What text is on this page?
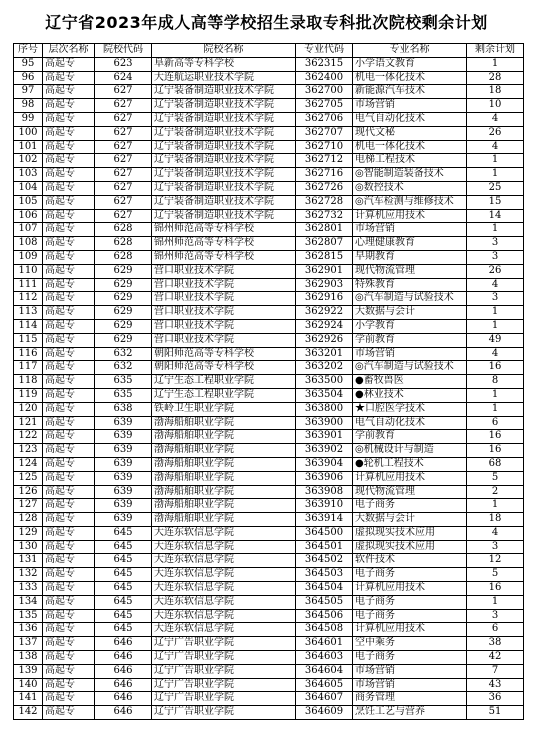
辽宁省2023年成人高等学校招生录取专科批次院校剩余计划
序号	层次名称	院校代码	院校名称	专业代码	专业名称	剩余计划
95	高起专	623	阜新高等专科学校	362315	小学语文教育	1
96	高起专	624	大连航运职业技术学院	362400	机电一体化技术	28
97	高起专	627	辽宁装备制造职业技术学院	362700	新能源汽车技术	18
98	高起专	627	辽宁装备制造职业技术学院	362705	市场营销	10
99	高起专	627	辽宁装备制造职业技术学院	362706	电气自动化技术	4
100	高起专	627	辽宁装备制造职业技术学院	362707	现代文秘	26
101	高起专	627	辽宁装备制造职业技术学院	362710	机电一体化技术	4
102	高起专	627	辽宁装备制造职业技术学院	362712	电梯工程技术	1
103	高起专	627	辽宁装备制造职业技术学院	362716	◎智能制造装备技术	1
104	高起专	627	辽宁装备制造职业技术学院	362726	◎数控技术	25
105	高起专	627	辽宁装备制造职业技术学院	362728	◎汽车检测与维修技术	15
106	高起专	627	辽宁装备制造职业技术学院	362732	计算机应用技术	14
107	高起专	628	锦州师范高等专科学校	362801	市场营销	1
108	高起专	628	锦州师范高等专科学校	362807	心理健康教育	3
109	高起专	628	锦州师范高等专科学校	362815	早期教育	3
110	高起专	629	营口职业技术学院	362901	现代物流管理	26
111	高起专	629	营口职业技术学院	362903	特殊教育	4
112	高起专	629	营口职业技术学院	362916	◎汽车制造与试验技术	3
113	高起专	629	营口职业技术学院	362922	大数据与会计	1
114	高起专	629	营口职业技术学院	362924	小学教育	1
115	高起专	629	营口职业技术学院	362926	学前教育	49
116	高起专	632	朝阳师范高等专科学校	363201	市场营销	4
117	高起专	632	朝阳师范高等专科学校	363202	◎汽车制造与试验技术	16
118	高起专	635	辽宁生态工程职业学院	363500	●畜牧兽医	8
119	高起专	635	辽宁生态工程职业学院	363504	●林业技术	1
120	高起专	638	铁岭卫生职业学院	363800	★口腔医学技术	1
121	高起专	639	渤海船舶职业学院	363900	电气自动化技术	6
122	高起专	639	渤海船舶职业学院	363901	学前教育	16
123	高起专	639	渤海船舶职业学院	363902	◎机械设计与制造	16
124	高起专	639	渤海船舶职业学院	363904	●轮机工程技术	68
125	高起专	639	渤海船舶职业学院	363906	计算机应用技术	5
126	高起专	639	渤海船舶职业学院	363908	现代物流管理	2
127	高起专	639	渤海船舶职业学院	363910	电子商务	1
128	高起专	639	渤海船舶职业学院	363914	大数据与会计	18
129	高起专	645	大连东软信息学院	364500	虚拟现实技术应用	4
130	高起专	645	大连东软信息学院	364501	虚拟现实技术应用	3
131	高起专	645	大连东软信息学院	364502	软件技术	12
132	高起专	645	大连东软信息学院	364503	电子商务	5
133	高起专	645	大连东软信息学院	364504	计算机应用技术	16
134	高起专	645	大连东软信息学院	364505	电子商务	1
135	高起专	645	大连东软信息学院	364506	电子商务	3
136	高起专	645	大连东软信息学院	364508	计算机应用技术	6
137	高起专	646	辽宁广告职业学院	364601	空中乘务	38
138	高起专	646	辽宁广告职业学院	364603	电子商务	42
139	高起专	646	辽宁广告职业学院	364604	市场营销	7
140	高起专	646	辽宁广告职业学院	364605	市场营销	43
141	高起专	646	辽宁广告职业学院	364607	商务管理	36
142	高起专	646	辽宁广告职业学院	364609	烹饪工艺与营养	51
